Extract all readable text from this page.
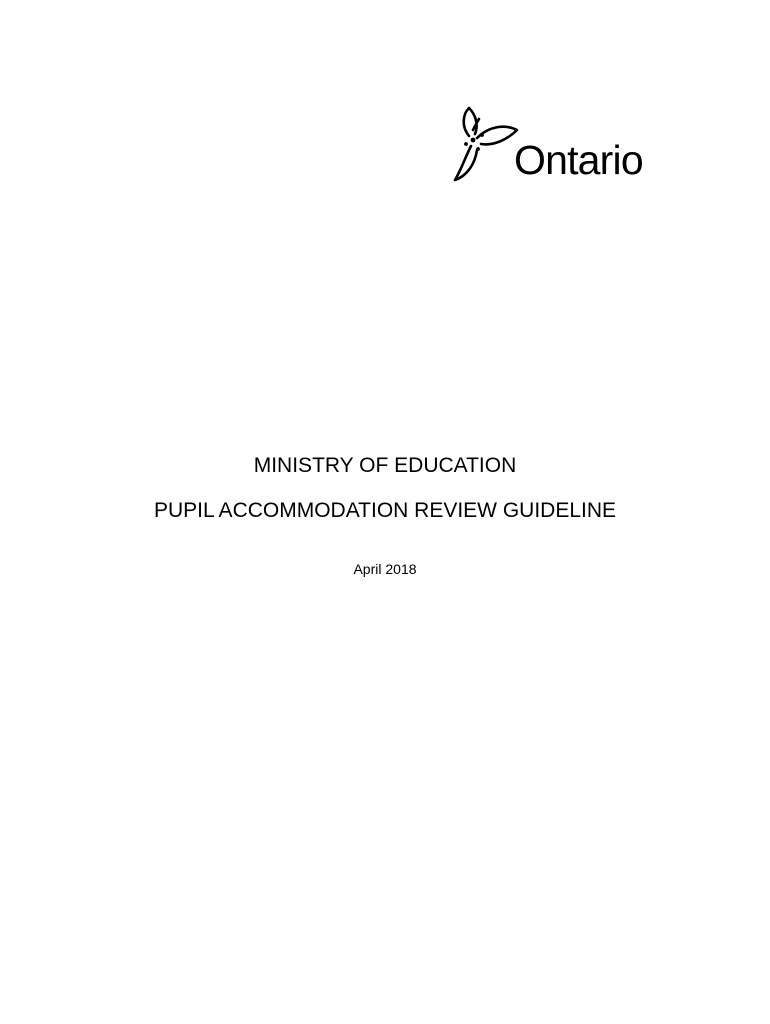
Ontario
MINISTRY OF EDUCATION
PUPIL ACCOMMODATION REVIEW GUIDELINE
April 2018
